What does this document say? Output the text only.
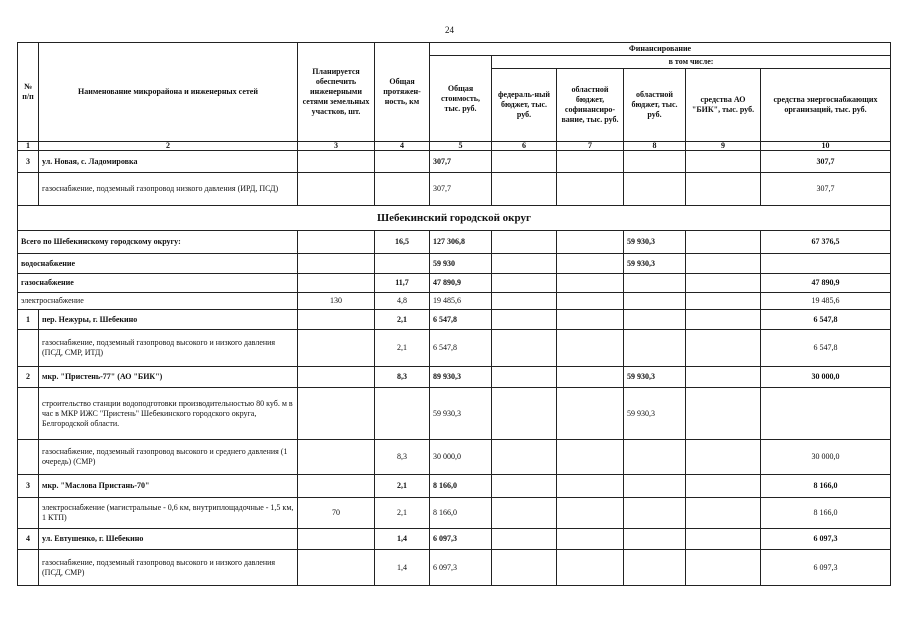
24
№ п/п	Наименование микрорайона и инженерных сетей	Планируется обеспечить инженерными сетями земельных участков, шт.	Общая протяжен-ность, км	Финансирование					
				Общая стоимость, тыс. руб.	в том числе:				
					федераль-ный бюджет, тыс. руб.	областной бюджет, софинансиро-вание, тыс. руб.	областной бюджет, тыс. руб.	средства АО "БИК", тыс. руб.	средства энергоснабжающих организаций, тыс. руб.
1	2	3	4	5	6	7	8	9	10
3	ул. Новая, с. Ладомировка			307,7					307,7
	газоснабжение, подземный газопровод низкого давления (ИРД, ПСД)			307,7					307,7
Шебекинский городской округ									
Всего по Шебекинскому городскому округу:			16,5	127 306,8			59 930,3		67 376,5
водоснабжение				59 930			59 930,3		
газоснабжение			11,7	47 890,9					47 890,9
электроснабжение		130	4,8	19 485,6					19 485,6
1	пер. Нежуры, г. Шебекино		2,1	6 547,8					6 547,8
	газоснабжение, подземный газопровод высокого и низкого давления (ПСД, СМР, ИТД)		2,1	6 547,8					6 547,8
2	мкр. "Пристень-77" (АО "БИК")		8,3	89 930,3			59 930,3		30 000,0
	строительство станции водоподготовки производительностью 80 куб. м в час в МКР ИЖС "Пристень" Шебекинского городского округа, Белгородской области.			59 930,3			59 930,3		
	газоснабжение, подземный газопровод высокого и среднего давления (1 очередь) (СМР)		8,3	30 000,0					30 000,0
3	мкр. "Маслова Пристань-70"		2,1	8 166,0					8 166,0
	электроснабжение (магистральные - 0,6 км, внутриплощадочные - 1,5 км, 1 КТП)	70	2,1	8 166,0					8 166,0
4	ул. Евтушенко, г. Шебекино		1,4	6 097,3					6 097,3
	газоснабжение, подземный газопровод высокого и низкого давления (ПСД, СМР)		1,4	6 097,3					6 097,3
